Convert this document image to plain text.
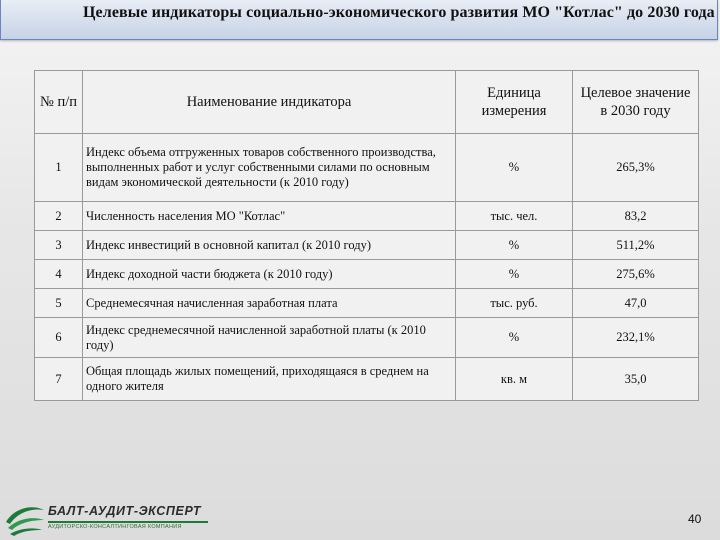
Целевые индикаторы социально-экономического развития МО "Котлас" до 2030 года
№ п/п	Наименование индикатора	Единица измерения	Целевое значение в 2030 году
1	Индекс объема отгруженных товаров собственного производства, выполненных работ и услуг собственными силами по основным видам экономической деятельности (к 2010 году)	%	265,3%
2	Численность населения МО "Котлас"	тыс. чел.	83,2
3	Индекс инвестиций в основной капитал (к 2010 году)	%	511,2%
4	Индекс доходной части бюджета (к 2010 году)	%	275,6%
5	Среднемесячная начисленная заработная плата	тыс. руб.	47,0
6	Индекс среднемесячной начисленной заработной платы (к 2010 году)	%	232,1%
7	Общая площадь жилых помещений, приходящаяся в среднем на одного жителя	кв. м	35,0
БАЛТ-АУДИТ-ЭКСПЕРТ
АУДИТОРСКО-КОНСАЛТИНГОВАЯ КОМПАНИЯ
40
